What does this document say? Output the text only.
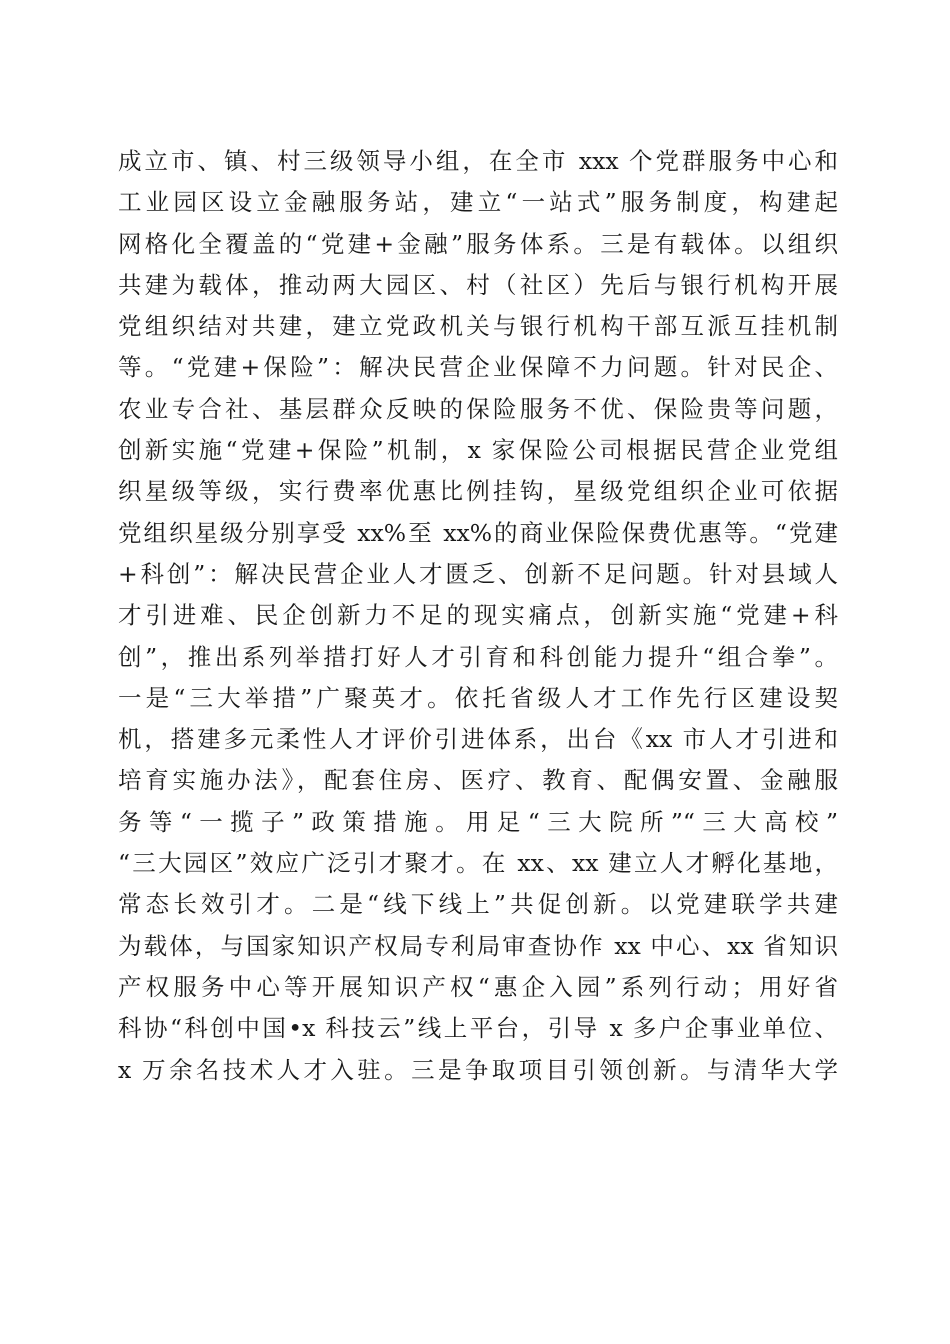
成立市、镇、村三级领导小组，在全市 xxx 个党群服务中心和
工业园区设立金融服务站，建立“一站式”服务制度，构建起
网格化全覆盖的“党建+金融”服务体系。三是有载体。以组织
共建为载体，推动两大园区、村（社区）先后与银行机构开展
党组织结对共建，建立党政机关与银行机构干部互派互挂机制
等。“党建+保险”：解决民营企业保障不力问题。针对民企、
农业专合社、基层群众反映的保险服务不优、保险贵等问题，
创新实施“党建+保险”机制，x 家保险公司根据民营企业党组
织星级等级，实行费率优惠比例挂钩，星级党组织企业可依据
党组织星级分别享受 xx%至 xx%的商业保险保费优惠等。“党建
+科创”：解决民营企业人才匮乏、创新不足问题。针对县域人
才引进难、民企创新力不足的现实痛点，创新实施“党建+科
创”，推出系列举措打好人才引育和科创能力提升“组合拳”。
一是“三大举措”广聚英才。依托省级人才工作先行区建设契
机，搭建多元柔性人才评价引进体系，出台《xx 市人才引进和
培育实施办法》，配套住房、医疗、教育、配偶安置、金融服
务等“一揽子”政策措施。用足“三大院所”“三大高校”
“三大园区”效应广泛引才聚才。在 xx、xx 建立人才孵化基地，
常态长效引才。二是“线下线上”共促创新。以党建联学共建
为载体，与国家知识产权局专利局审查协作 xx 中心、xx 省知识
产权服务中心等开展知识产权“惠企入园”系列行动；用好省
科协“科创中国•x 科技云”线上平台，引导 x 多户企事业单位、
x 万余名技术人才入驻。三是争取项目引领创新。与清华大学
